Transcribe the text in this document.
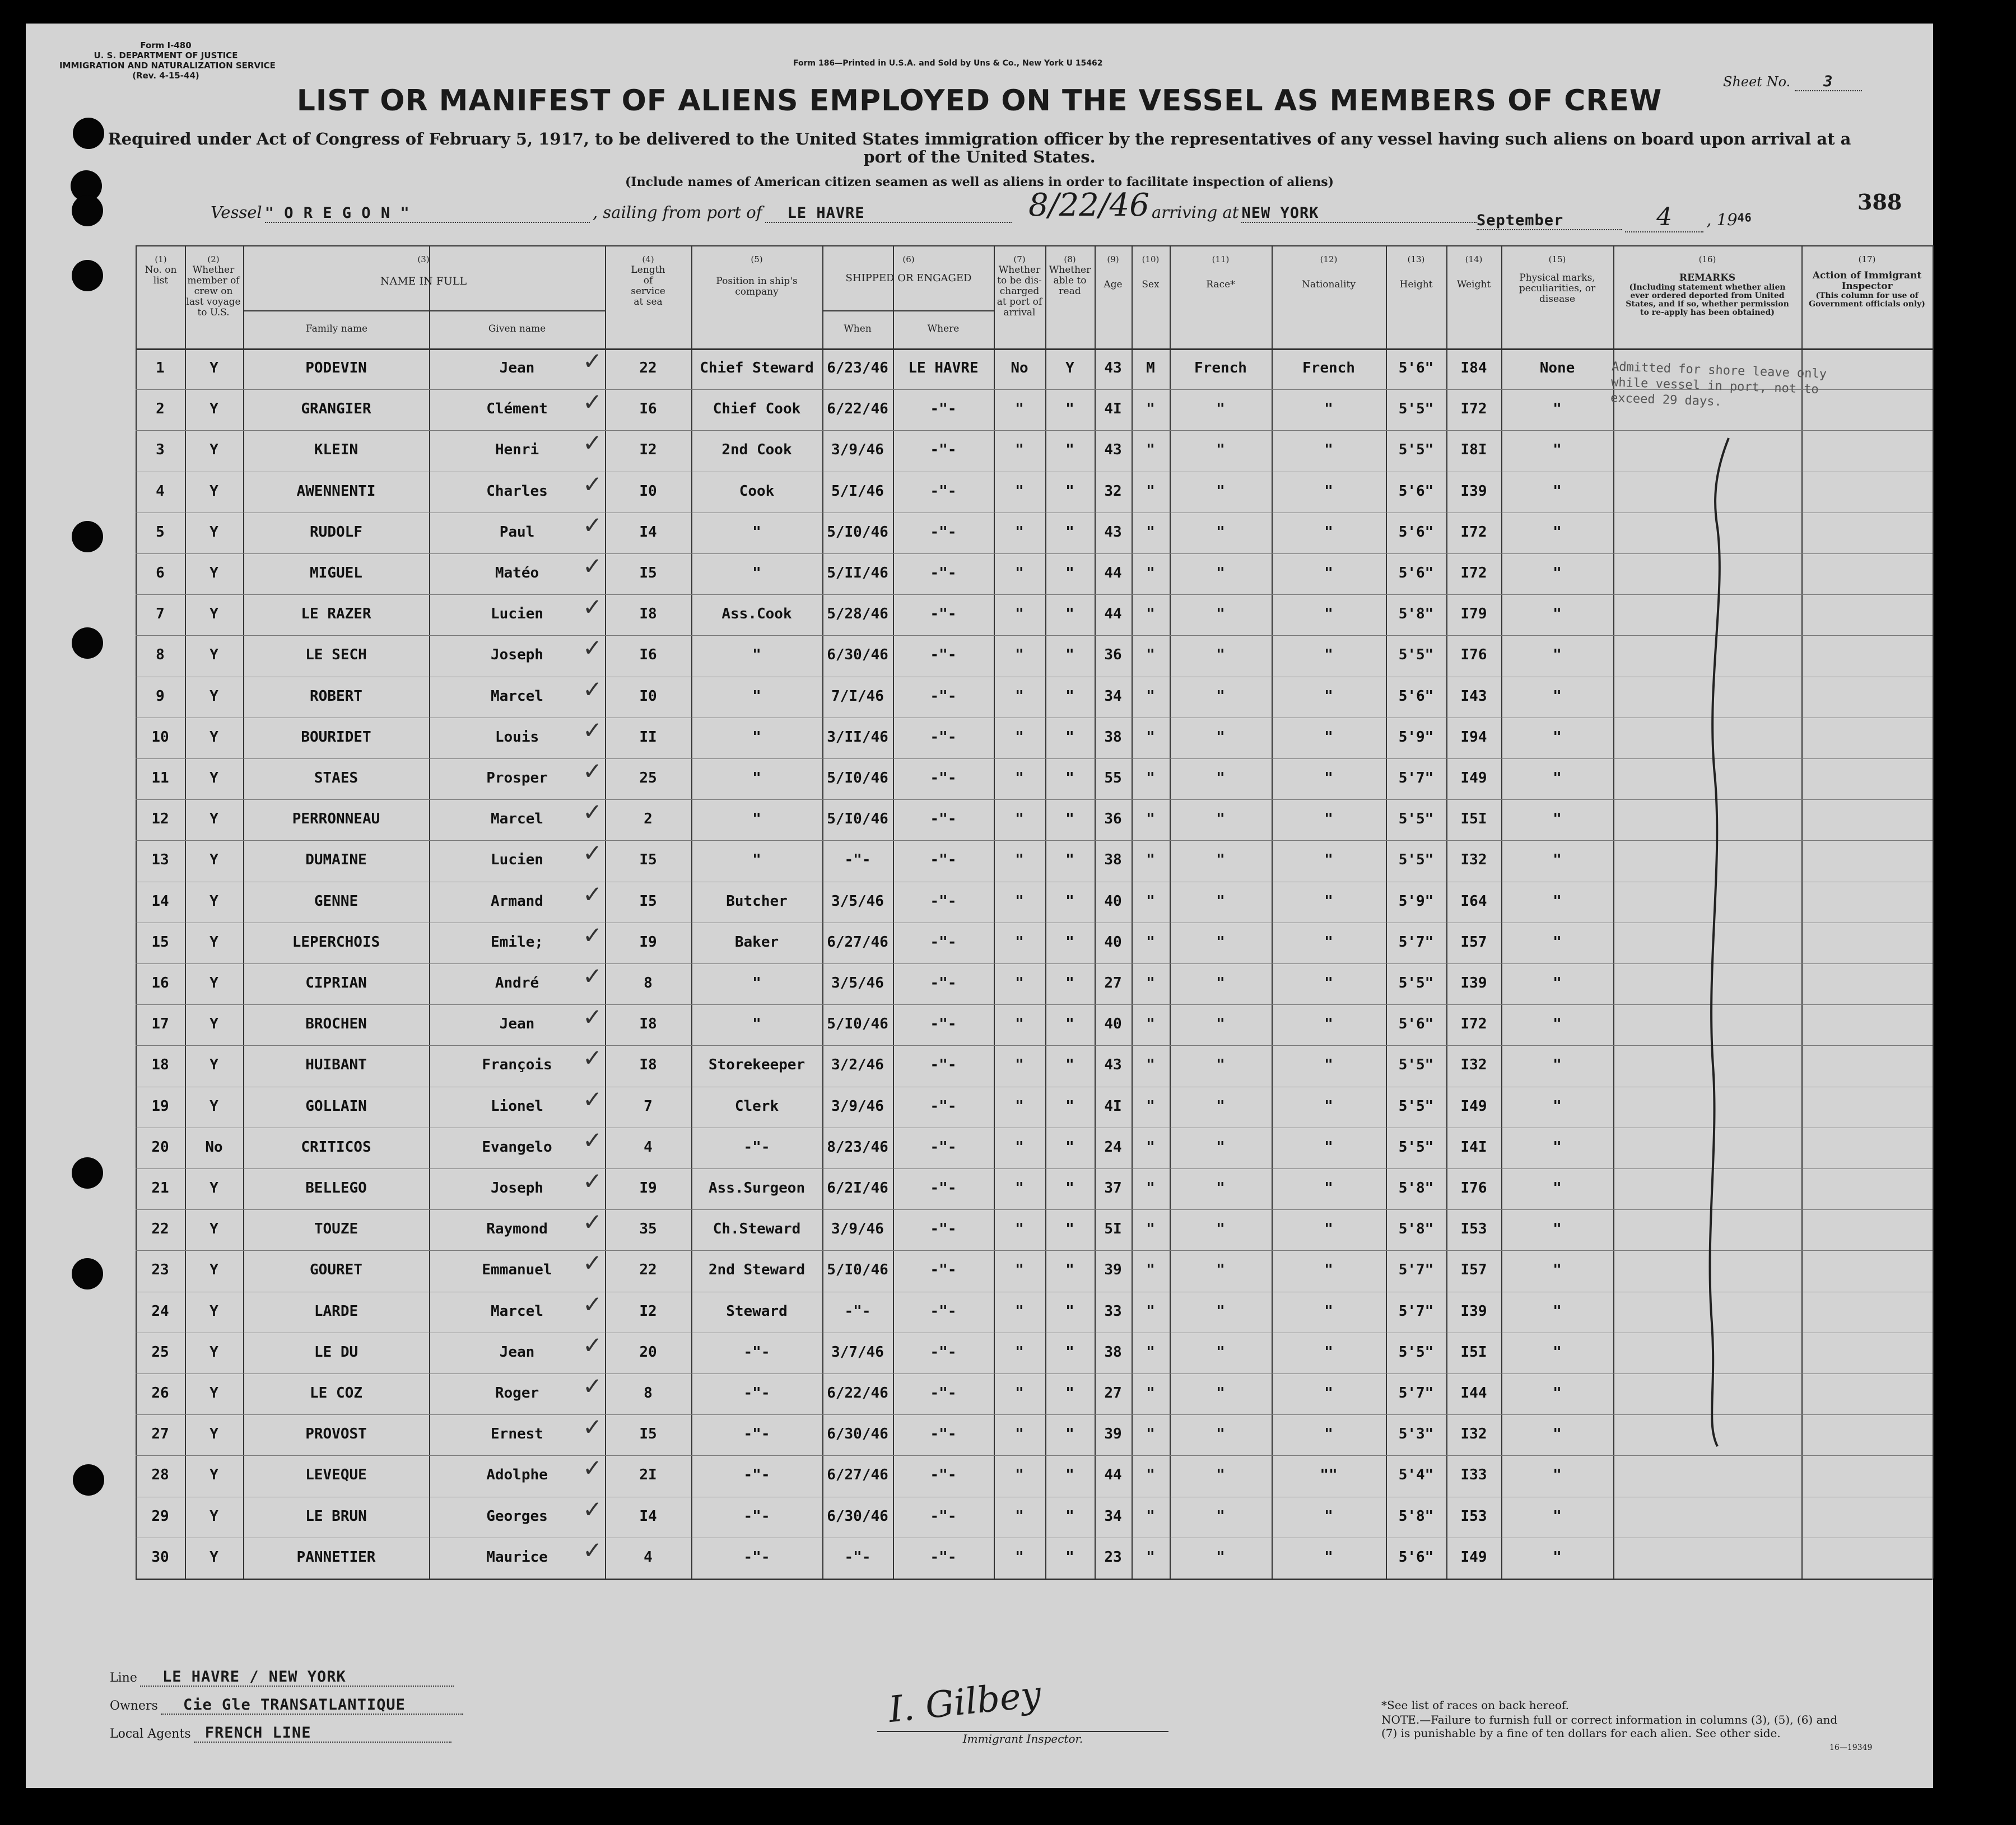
Form I-480
U. S. DEPARTMENT OF JUSTICE
IMMIGRATION AND NATURALIZATION SERVICE
(Rev. 4-15-44)
Form 186—Printed in U.S.A. and Sold by Uns & Co., New York U 15462
Sheet No. 3
LIST OR MANIFEST OF ALIENS EMPLOYED ON THE VESSEL AS MEMBERS OF CREW
Required under Act of Congress of February 5, 1917, to be delivered to the United States immigration officer by the representatives of any vessel having such aliens on board upon arrival at a port of the United States.
(Include names of American citizen seamen as well as aliens in order to facilitate inspection of aliens)
Vessel " O R E G O N "	, sailing from port of LE HAVRE	8/22/46 arriving at NEW YORK	September	4 , $19^{46}$
388
(1)
No. on list
(2)
Whether member of crew on last voyage to U.S.
(3)
NAME IN FULL
Family name	Given name
(4)
Length of service at sea
(5)
Position in ship's company
(6)
SHIPPED OR ENGAGED
When	Where
(7)
Whether to be dis-charged at port of arrival
(8)
Whether able to read
(9)
Age
(10)
Sex
(11)
Race*
(12)
Nationality
(13)
Height
(14)
Weight
(15)
Physical marks, peculiarities, or disease
(16)
REMARKS
(Including statement whether alien ever ordered deported from United States, and if so, whether permission to re-apply has been obtained)
(17)
Action of Immigrant Inspector
(This column for use of Government officials only)
1	Y	PODEVIN	Jean	22	Chief Steward 6/23/46	LE HAVRE	No	Y	43	M	French	French	5'6"	I84	None
✓
2	Y	GRANGIER	Clément	I6	Chief Cook	6/22/46	-"-	"	"	4I	"	"	"	5'5"	I72	"
✓
3	Y	KLEIN	Henri	I2	2nd Cook	3/9/46	-"-	"	"	43	"	"	"	5'5"	I8I	"
✓
4	Y	AWENNENTI	Charles	I0	Cook	5/I/46	-"-	"	"	32	"	"	"	5'6"	I39	"
✓
5	Y	RUDOLF	Paul	I4	"	5/I0/46	-"-	"	"	43	"	"	"	5'6"	I72	"
✓
6	Y	MIGUEL	Matéo	I5	"	5/II/46	-"-	"	"	44	"	"	"	5'6"	I72	"
✓
7	Y	LE RAZER	Lucien	I8	Ass.Cook	5/28/46	-"-	"	"	44	"	"	"	5'8"	I79	"
✓
8	Y	LE SECH	Joseph	I6	"	6/30/46	-"-	"	"	36	"	"	"	5'5"	I76	"
✓
9	Y	ROBERT	Marcel	I0	"	7/I/46	-"-	"	"	34	"	"	"	5'6"	I43	"
✓
10	Y	BOURIDET	Louis	II	"	3/II/46	-"-	"	"	38	"	"	"	5'9"	I94	"
✓
11	Y	STAES	Prosper	25	"	5/I0/46	-"-	"	"	55	"	"	"	5'7"	I49	"
✓
12	Y	PERRONNEAU	Marcel	2	"	5/I0/46	-"-	"	"	36	"	"	"	5'5"	I5I	"
✓
13	Y	DUMAINE	Lucien	I5	"	-"-	-"-	"	"	38	"	"	"	5'5"	I32	"
✓
14	Y	GENNE	Armand	I5	Butcher	3/5/46	-"-	"	"	40	"	"	"	5'9"	I64	"
✓
15	Y	LEPERCHOIS	Emile;	I9	Baker	6/27/46	-"-	"	"	40	"	"	"	5'7"	I57	"
✓
16	Y	CIPRIAN	André	8	"	3/5/46	-"-	"	"	27	"	"	"	5'5"	I39	"
✓
17	Y	BROCHEN	Jean	I8	"	5/I0/46	-"-	"	"	40	"	"	"	5'6"	I72	"
✓
18	Y	HUIBANT	François	I8	Storekeeper	3/2/46	-"-	"	"	43	"	"	"	5'5"	I32	"
✓
19	Y	GOLLAIN	Lionel	7	Clerk	3/9/46	-"-	"	"	4I	"	"	"	5'5"	I49	"
✓
20	No	CRITICOS	Evangelo	4	-"-	8/23/46	-"-	"	"	24	"	"	"	5'5"	I4I	"
✓
21	Y	BELLEGO	Joseph	I9	Ass.Surgeon	6/2I/46	-"-	"	"	37	"	"	"	5'8"	I76	"
✓
22	Y	TOUZE	Raymond	35	Ch.Steward	3/9/46	-"-	"	"	5I	"	"	"	5'8"	I53	"
✓
23	Y	GOURET	Emmanuel	22	2nd Steward	5/I0/46	-"-	"	"	39	"	"	"	5'7"	I57	"
✓
24	Y	LARDE	Marcel	I2	Steward	-"-	-"-	"	"	33	"	"	"	5'7"	I39	"
✓
25	Y	LE DU	Jean	20	-"-	3/7/46	-"-	"	"	38	"	"	"	5'5"	I5I	"
✓
26	Y	LE COZ	Roger	8	-"-	6/22/46	-"-	"	"	27	"	"	"	5'7"	I44	"
✓
27	Y	PROVOST	Ernest	I5	-"-	6/30/46	-"-	"	"	39	"	"	"	5'3"	I32	"
✓
28	Y	LEVEQUE	Adolphe	2I	-"-	6/27/46	-"-	"	"	44	"	"	""	5'4"	I33	"
✓
29	Y	LE BRUN	Georges	I4	-"-	6/30/46	-"-	"	"	34	"	"	"	5'8"	I53	"
✓
30	Y	PANNETIER	Maurice	4	-"-	-"-	-"-	"	"	23	"	"	"	5'6"	I49	"
✓
Admitted for shore leave only
while vessel in port, not to
exceed 29 days.
Line LE HAVRE / NEW YORK
Owners Cie Gle TRANSATLANTIQUE
Local Agents FRENCH LINE
I. Gilbey
Immigrant Inspector.
*See list of races on back hereof.
NOTE.—Failure to furnish full or correct information in columns (3), (5), (6) and (7) is punishable by a fine of ten dollars for each alien. See other side.
16—19349
